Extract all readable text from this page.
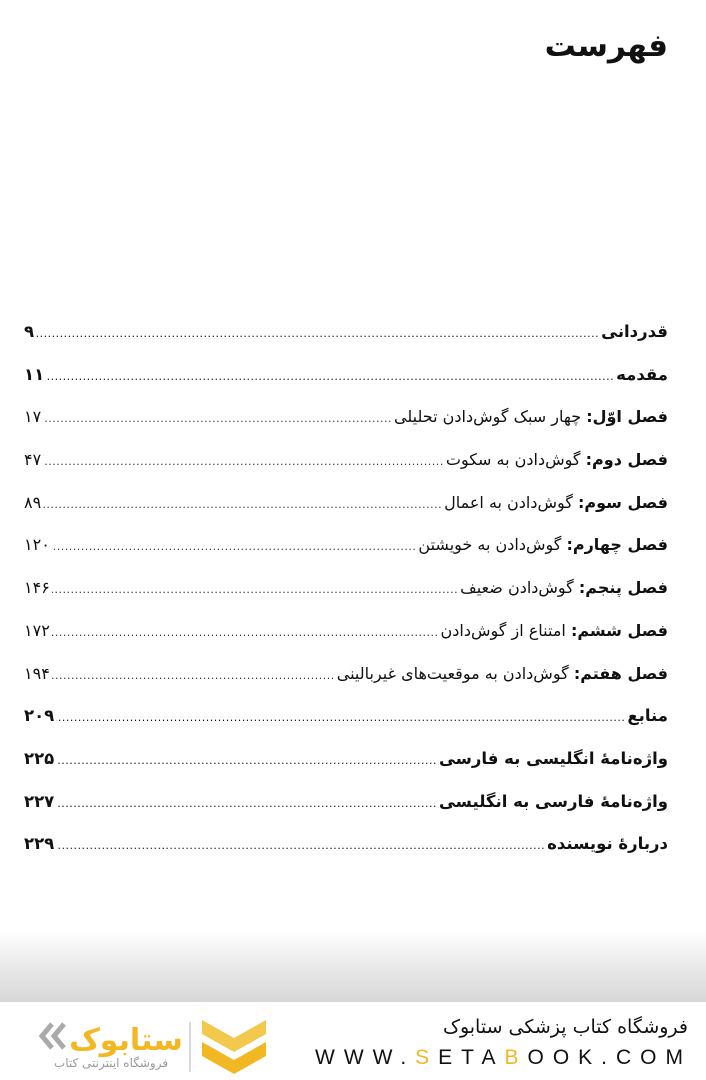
فهرست
قدردانی
.....
۹
مقدمه
.....
۱۱
فصل اوّل: چهار سبک گوش‌دادن تحلیلی
.....
۱۷
فصل دوم: گوش‌دادن به سکوت
.....
۴۷
فصل سوم: گوش‌دادن به اعمال
.....
۸۹
فصل چهارم: گوش‌دادن به خویشتن
.....
۱۲۰
فصل پنجم: گوش‌دادن ضعیف
.....
۱۴۶
فصل ششم: امتناع از گوش‌دادن
.....
۱۷۲
فصل هفتم: گوش‌دادن به موقعیت‌های غیربالینی
.....
۱۹۴
منابع
.....
۲۰۹
واژه‌نامهٔ انگلیسی به فارسی
.....
۲۲۵
واژه‌نامهٔ فارسی به انگلیسی
.....
۲۲۷
دربارهٔ نویسنده
.....
۲۲۹
ستابوک
فروشگاه اینترنتی کتاب
فروشگاه کتاب پزشکی ستابوک
WWW.SETABOOK.COM
